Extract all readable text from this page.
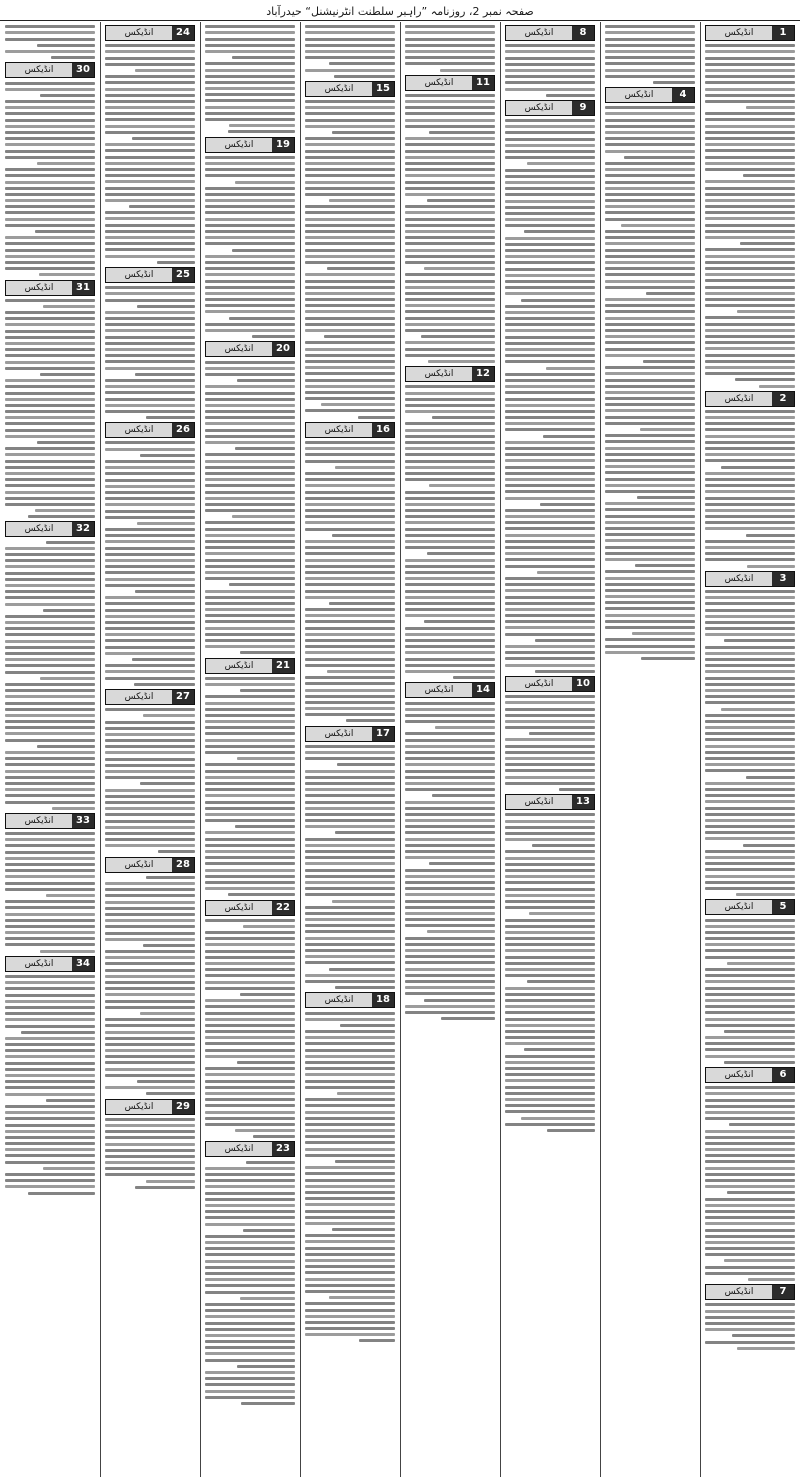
صفحہ نمبر 2، روزنامہ ”راہبر سلطنت انٹرنیشنل“ حیدرآباد
انڈیکس	1
انڈیکس	2
انڈیکس	3
انڈیکس	5
انڈیکس	6
انڈیکس	7
انڈیکس	4
انڈیکس	8
انڈیکس	9
انڈیکس	10
انڈیکس	13
انڈیکس	11
انڈیکس	12
انڈیکس	14
انڈیکس	15
انڈیکس	16
انڈیکس	17
انڈیکس	18
انڈیکس	19
انڈیکس	20
انڈیکس	21
انڈیکس	22
انڈیکس	23
انڈیکس	24
انڈیکس	25
انڈیکس	26
انڈیکس	27
انڈیکس	28
انڈیکس	29
انڈیکس	30
انڈیکس	31
انڈیکس	32
انڈیکس	33
انڈیکس	34
